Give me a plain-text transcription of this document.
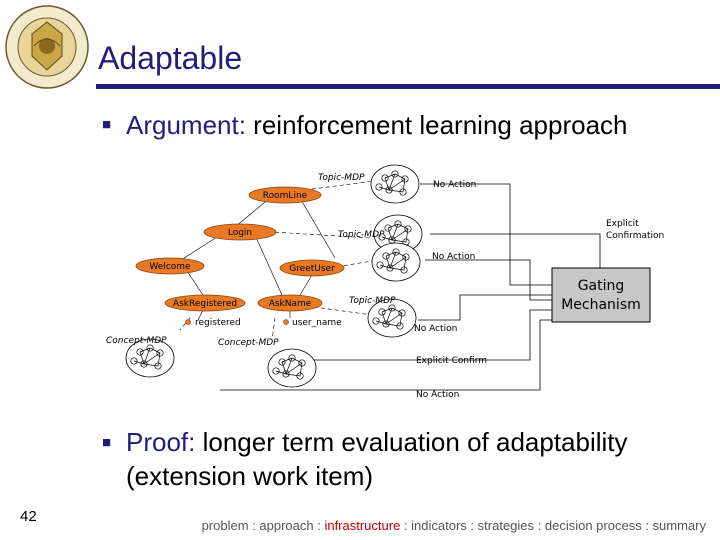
Adaptable
■ Argument: reinforcement learning approach
RoomLine
Login
Welcome	GreetUser
AskRegistered	AskName
registered	user_name
Topic-MDP
No Action
Topic-MDP
Explicit
Confirmation
No Action
Topic-MDP
No Action
Concept-MDP	Concept-MDP
Explicit Confirm
No Action
Gating
Mechanism
■ Proof: longer term evaluation of adaptability
(extension work item)
42
problem : approach : infrastructure : indicators : strategies : decision process : summary
